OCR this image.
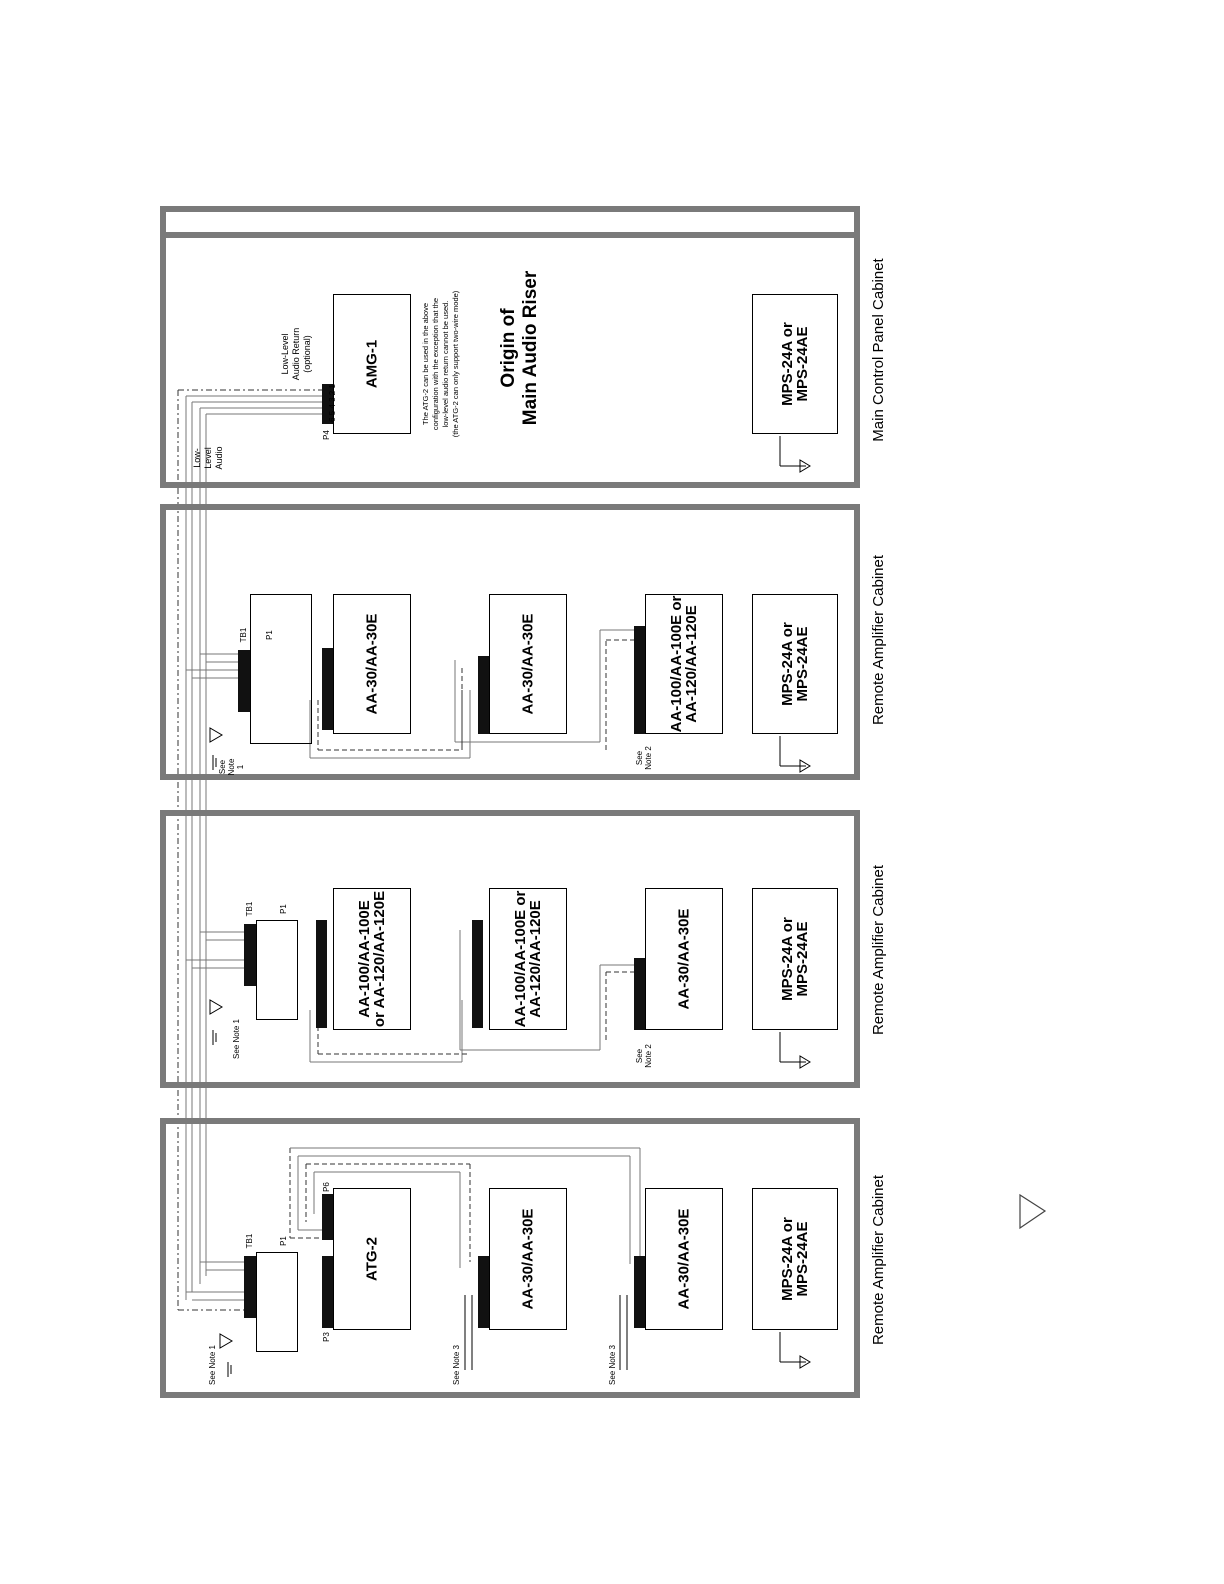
Main Control Panel Cabinet
Remote Amplifier Cabinet
Remote Amplifier Cabinet
Remote Amplifier Cabinet
AMG-1
P4
6 5 4 3 2 1	MPS-24A or
MPS-24AE
Origin of
Main Audio Riser
Low-
Level
Audio
Low-Level
Audio Return
(optional)
The ATG-2 can be used in the above
configuration with the exception that the
low-level audio return cannot be used.
(the ATG-2 can only support two-wire mode)
TB1 P1
See
Note
1
AA-30/AA-30E	AA-30/AA-30E	AA-100/AA-100E or
AA-120/AA-120E
See
Note 2
MPS-24A or
MPS-24AE
TB1	P1
See Note 1
AA-100/AA-100E
or AA-120/AA-120E	AA-100/AA-100E or
AA-120/AA-120E	AA-30/AA-30E
See
Note 2
MPS-24A or
MPS-24AE
TB1	P1
See Note 1
P3
P6
ATG-2	AA-30/AA-30E	AA-30/AA-30E	MPS-24A or
MPS-24AE
See Note 3	See Note 3
